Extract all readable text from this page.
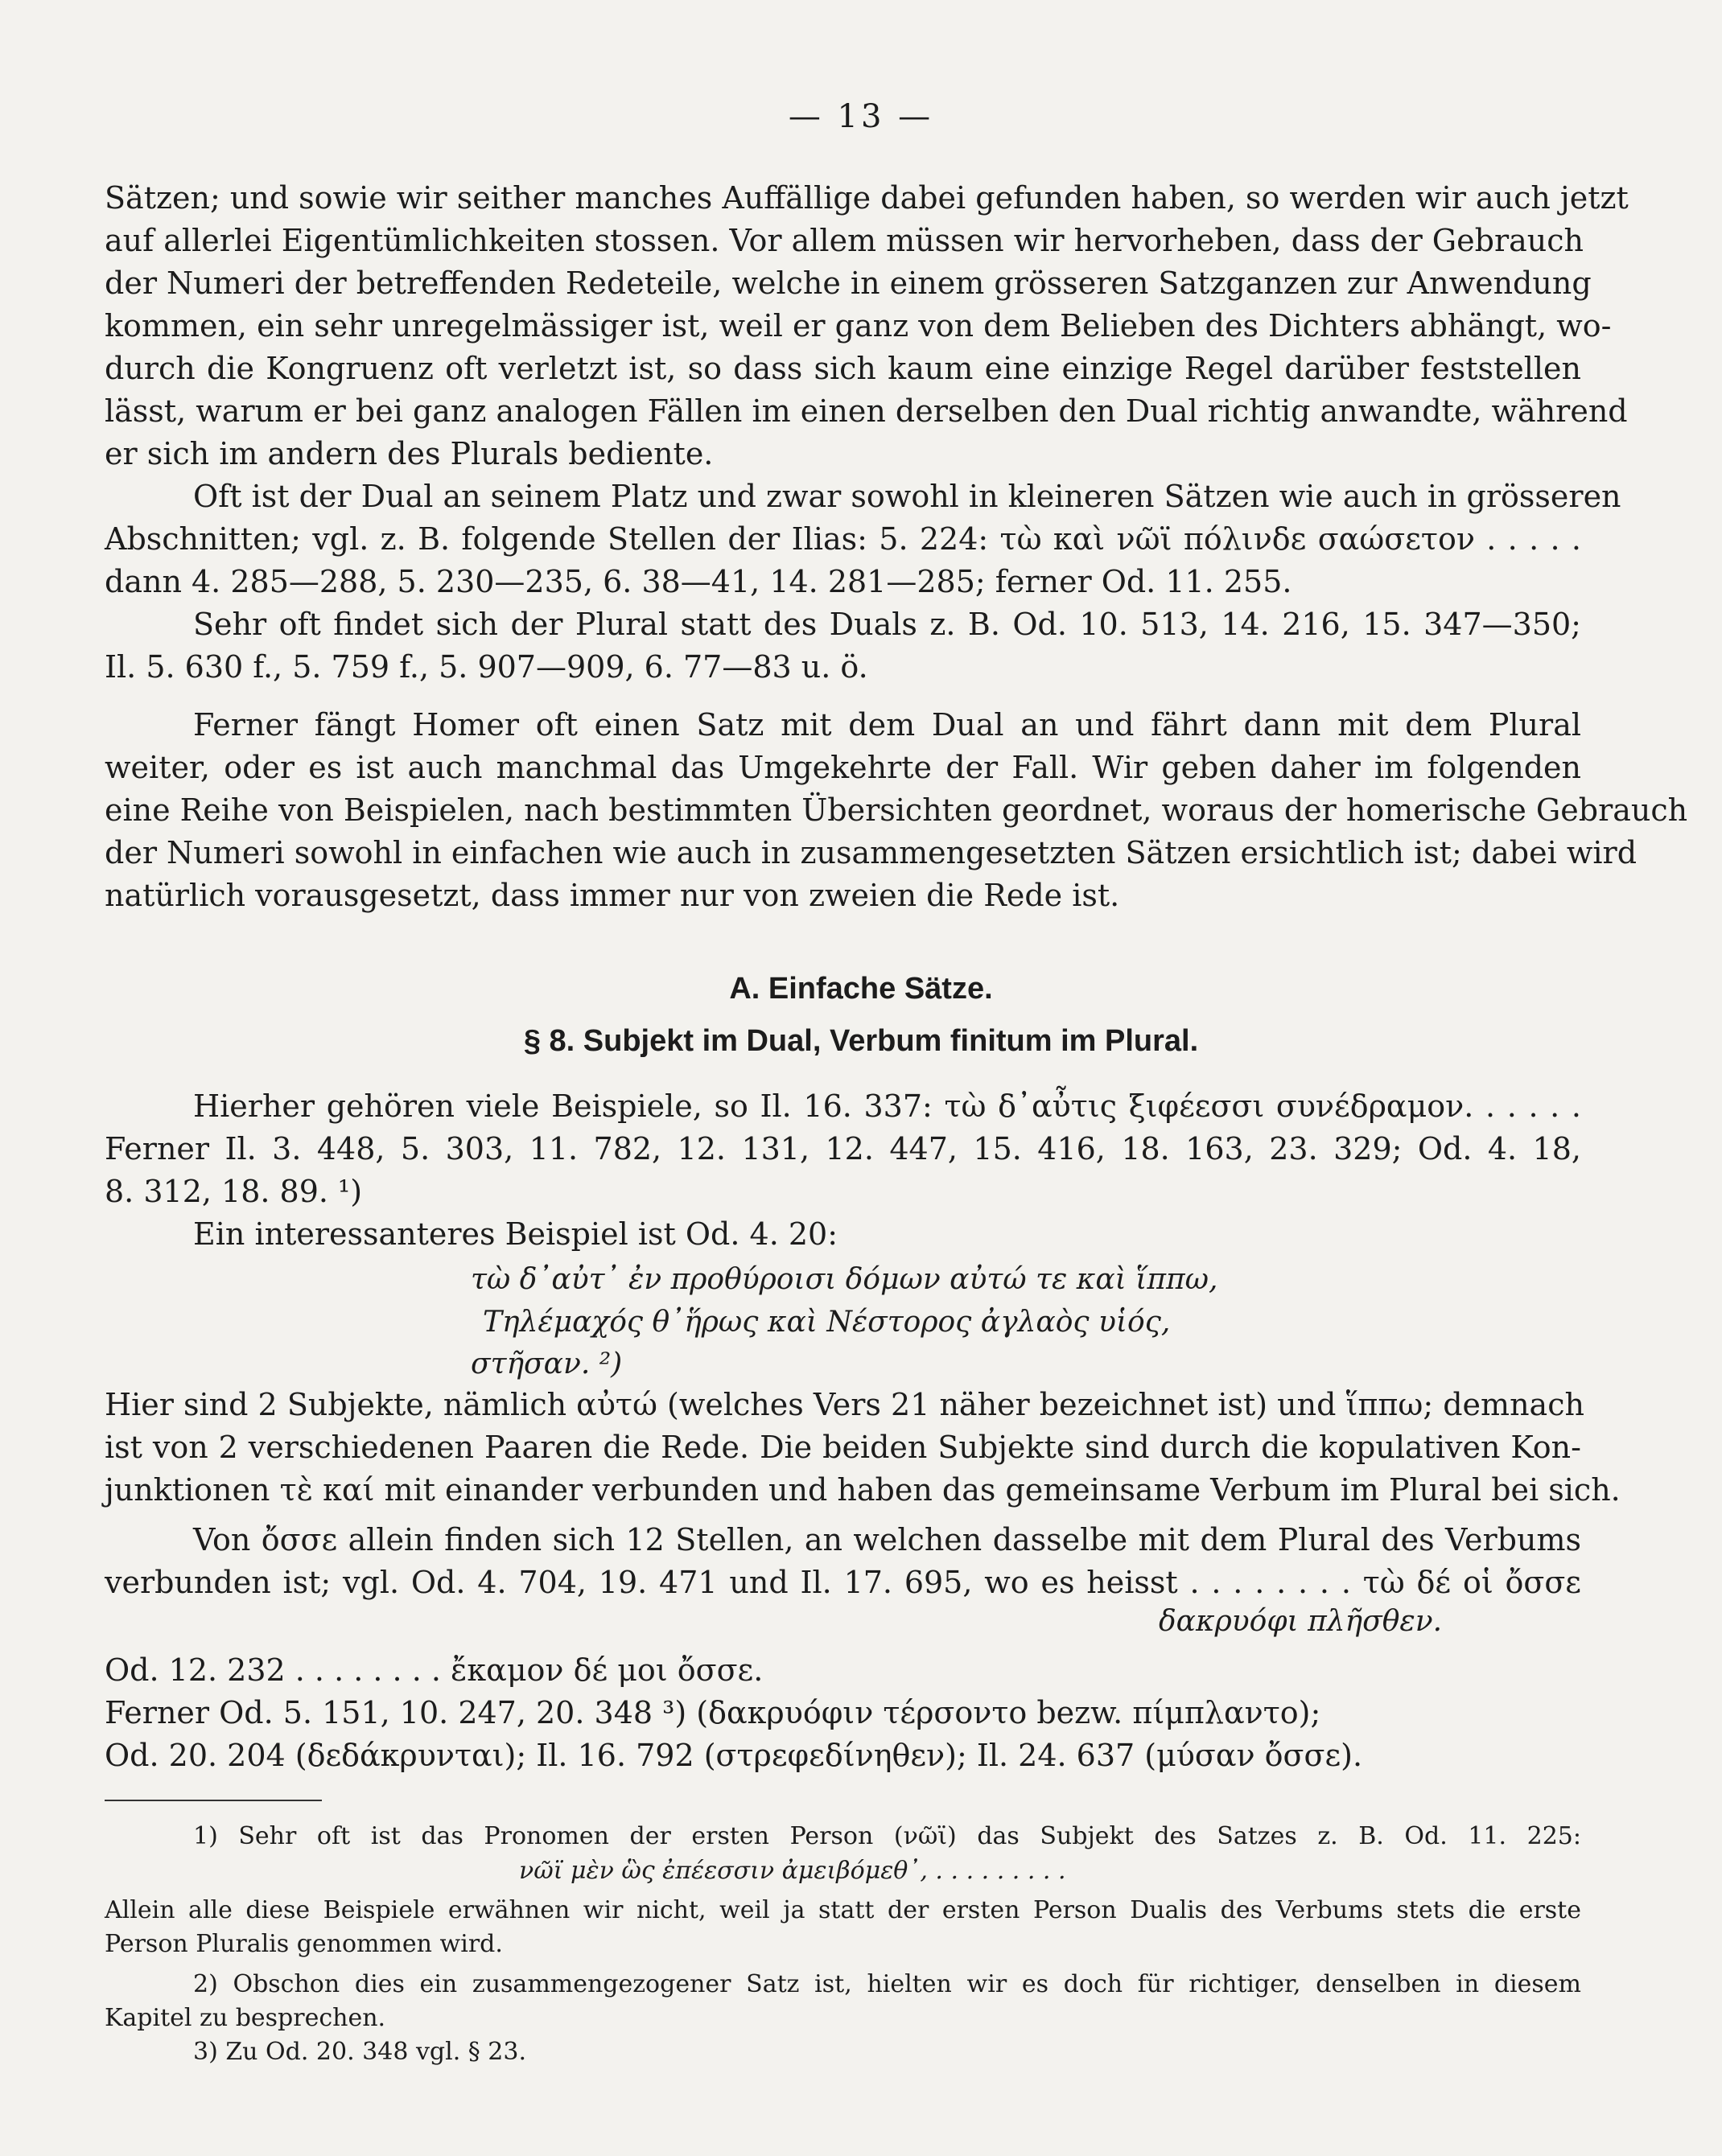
— 13 —
Sätzen; und sowie wir seither manches Auffällige dabei gefunden haben, so werden wir auch jetzt
auf allerlei Eigentümlichkeiten stossen. Vor allem müssen wir hervorheben, dass der Gebrauch
der Numeri der betreffenden Redeteile, welche in einem grösseren Satzganzen zur Anwendung
kommen, ein sehr unregelmässiger ist, weil er ganz von dem Belieben des Dichters abhängt, wo-
durch die Kongruenz oft verletzt ist, so dass sich kaum eine einzige Regel darüber feststellen
lässt, warum er bei ganz analogen Fällen im einen derselben den Dual richtig anwandte, während
er sich im andern des Plurals bediente.
Oft ist der Dual an seinem Platz und zwar sowohl in kleineren Sätzen wie auch in grösseren
Abschnitten; vgl. z. B. folgende Stellen der Ilias: 5. 224: τὼ καὶ νῶϊ πόλινδε σαώσετον . . . . .
dann 4. 285—288, 5. 230—235, 6. 38—41, 14. 281—285; ferner Od. 11. 255.
Sehr oft findet sich der Plural statt des Duals z. B. Od. 10. 513, 14. 216, 15. 347—350;
Il. 5. 630 f., 5. 759 f., 5. 907—909, 6. 77—83 u. ö.
Ferner fängt Homer oft einen Satz mit dem Dual an und fährt dann mit dem Plural
weiter, oder es ist auch manchmal das Umgekehrte der Fall. Wir geben daher im folgenden
eine Reihe von Beispielen, nach bestimmten Übersichten geordnet, woraus der homerische Gebrauch
der Numeri sowohl in einfachen wie auch in zusammengesetzten Sätzen ersichtlich ist; dabei wird
natürlich vorausgesetzt, dass immer nur von zweien die Rede ist.
A. Einfache Sätze.
§ 8. Subjekt im Dual, Verbum finitum im Plural.
Hierher gehören viele Beispiele, so Il. 16. 337: τὼ δ᾽αὖτις ξιφέεσσι συνέδραμον. . . . . .
Ferner Il. 3. 448, 5. 303, 11. 782, 12. 131, 12. 447, 15. 416, 18. 163, 23. 329; Od. 4. 18,
8. 312, 18. 89. ¹)
Ein interessanteres Beispiel ist Od. 4. 20:
τὼ δ᾽αὐτ᾽ ἐν προθύροισι δόμων αὐτώ τε καὶ ἵππω,
Τηλέμαχός θ᾽ἥρως καὶ Νέστορος ἀγλαὸς υἱός,
στῆσαν. ²)
Hier sind 2 Subjekte, nämlich αὐτώ (welches Vers 21 näher bezeichnet ist) und ἵππω; demnach
ist von 2 verschiedenen Paaren die Rede. Die beiden Subjekte sind durch die kopulativen Kon-
junktionen τὲ καί mit einander verbunden und haben das gemeinsame Verbum im Plural bei sich.
Von ὄσσε allein finden sich 12 Stellen, an welchen dasselbe mit dem Plural des Verbums
verbunden ist; vgl. Od. 4. 704, 19. 471 und Il. 17. 695, wo es heisst . . . . . . . . τὼ δέ οἱ ὄσσε
δακρυόφι πλῆσθεν.
Od. 12. 232 . . . . . . . . ἔκαμον δέ μοι ὄσσε.
Ferner Od. 5. 151, 10. 247, 20. 348 ³) (δακρυόφιν τέρσοντο bezw. πίμπλαντο);
Od. 20. 204 (δεδάκρυνται); Il. 16. 792 (στρεφεδίνηθεν); Il. 24. 637 (μύσαν ὄσσε).
1) Sehr oft ist das Pronomen der ersten Person (νῶϊ) das Subjekt des Satzes z. B. Od. 11. 225:
νῶϊ μὲν ὣς ἐπέεσσιν ἀμειβόμεθ᾽, . . . . . . . . .
Allein alle diese Beispiele erwähnen wir nicht, weil ja statt der ersten Person Dualis des Verbums stets die erste
Person Pluralis genommen wird.
2) Obschon dies ein zusammengezogener Satz ist, hielten wir es doch für richtiger, denselben in diesem
Kapitel zu besprechen.
3) Zu Od. 20. 348 vgl. § 23.
